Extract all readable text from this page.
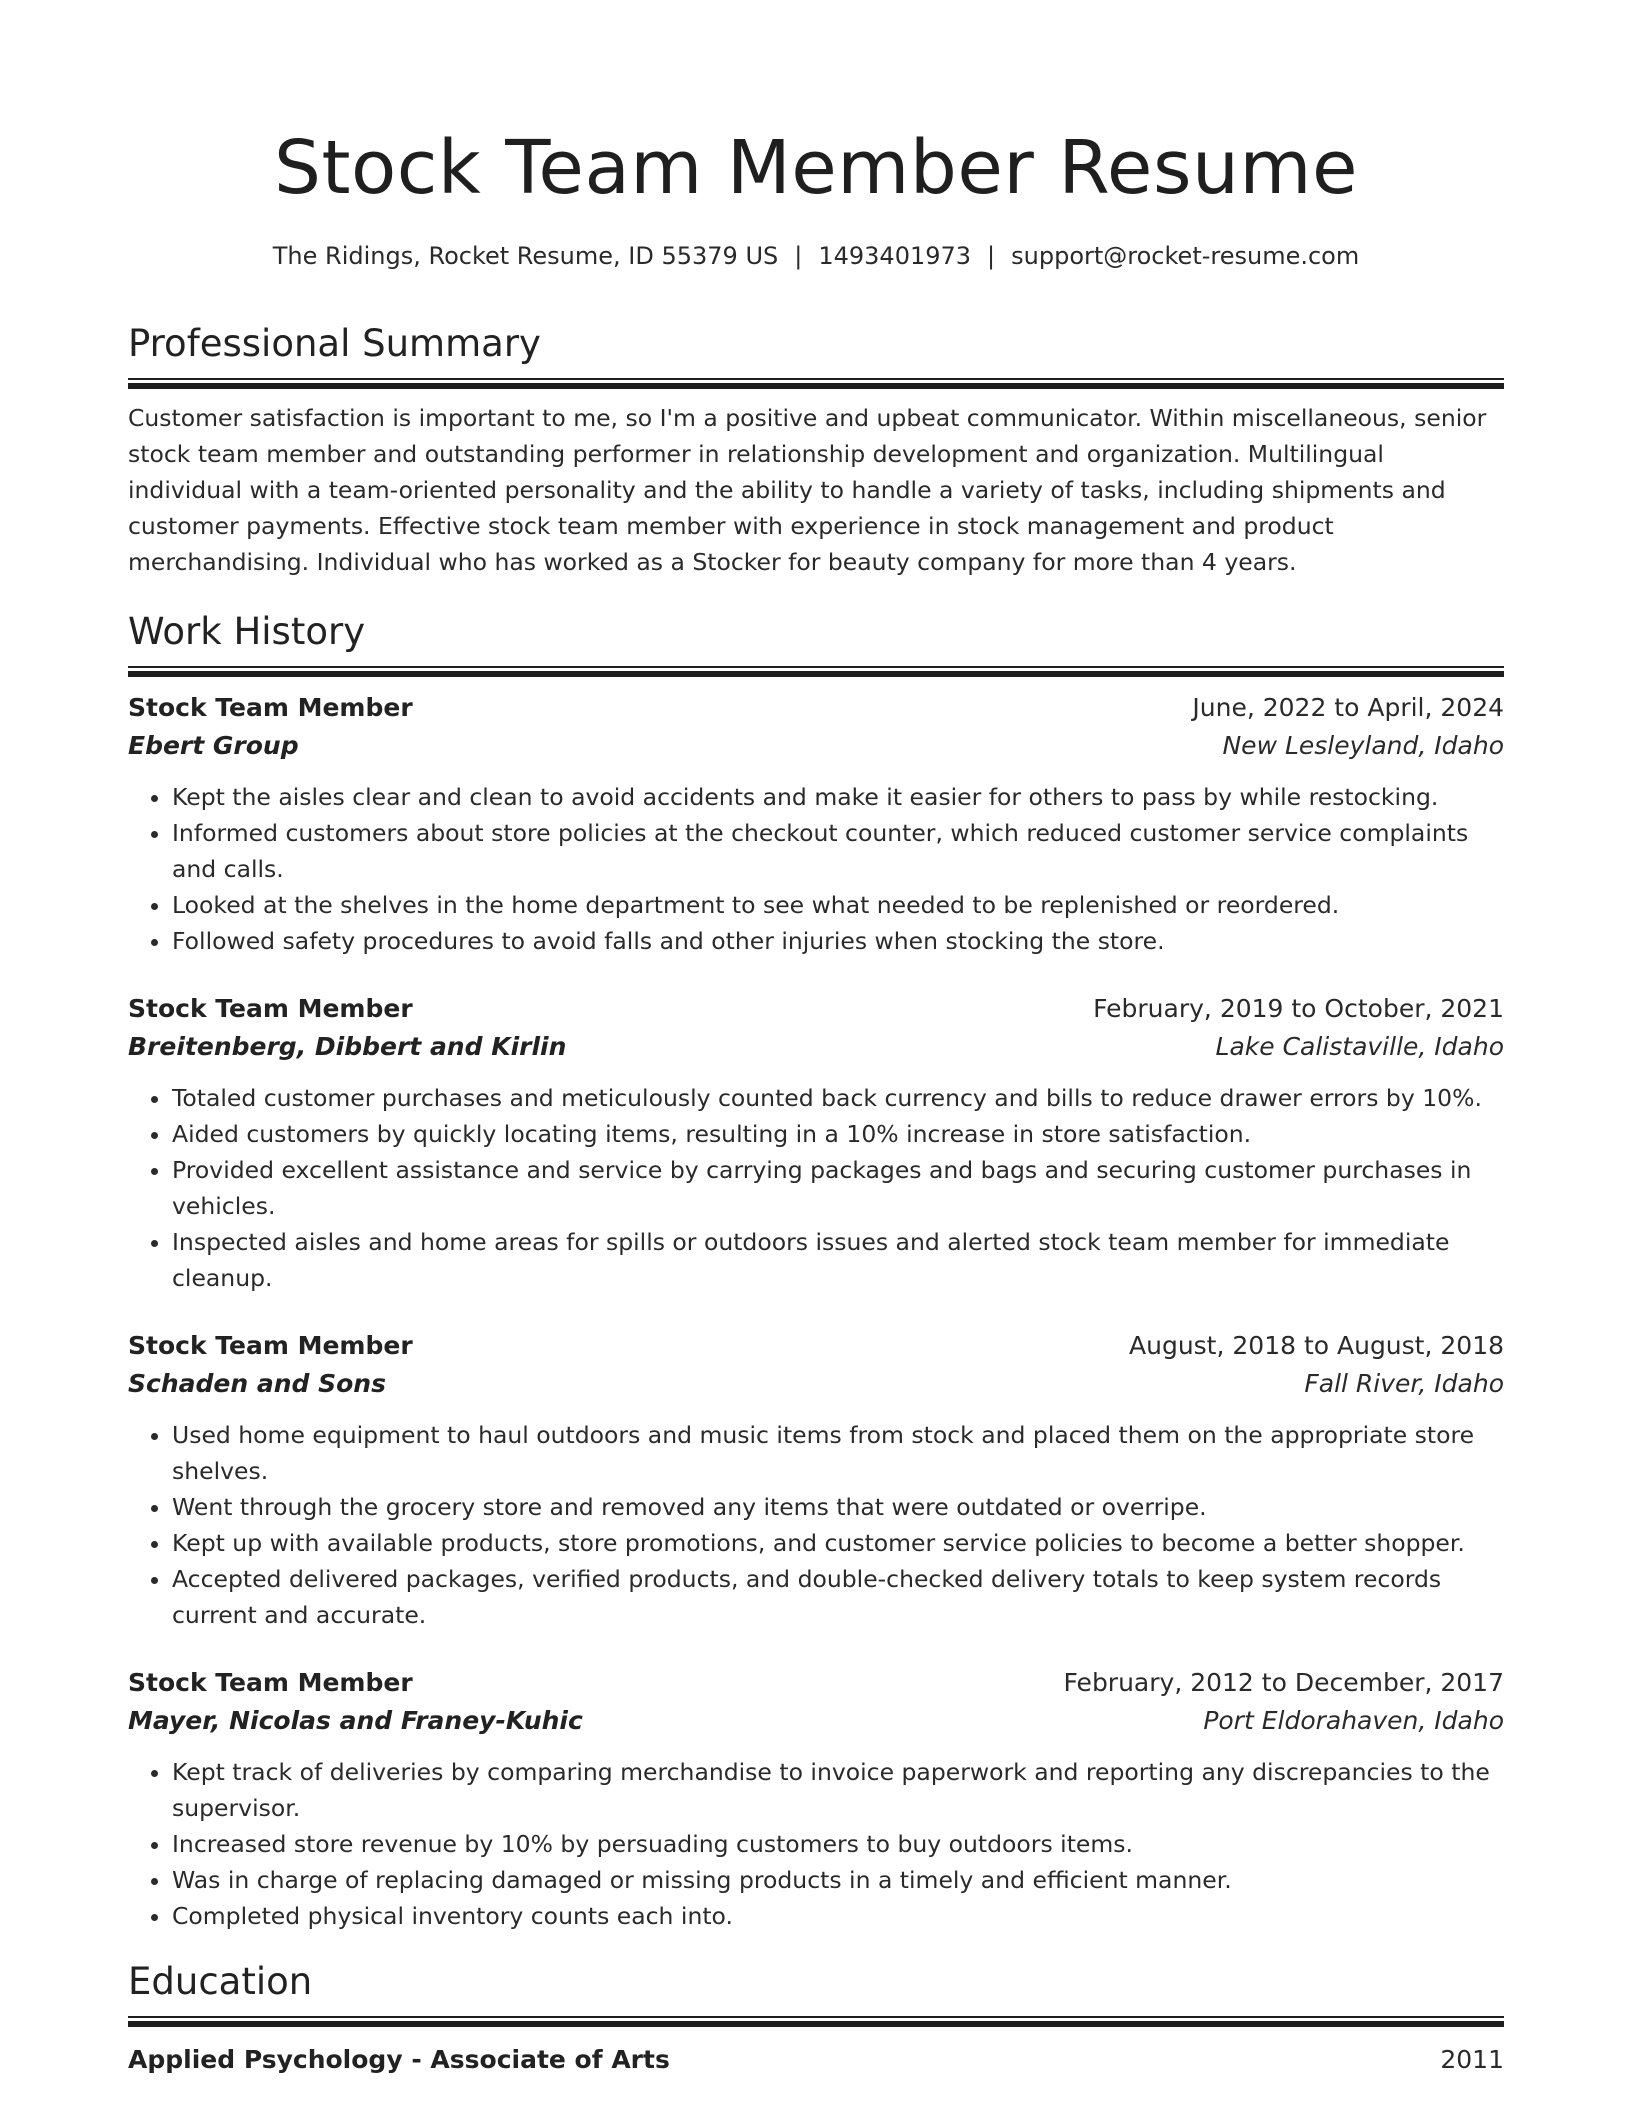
Stock Team Member Resume
The Ridings, Rocket Resume, ID 55379 US | 1493401973 | support@rocket-resume.com
Professional Summary

Customer satisfaction is important to me, so I'm a positive and upbeat communicator. Within miscellaneous, senior stock team member and outstanding performer in relationship development and organization. Multilingual individual with a team-oriented personality and the ability to handle a variety of tasks, including shipments and customer payments. Effective stock team member with experience in stock management and product merchandising. Individual who has worked as a Stocker for beauty company for more than 4 years.

Work History
Stock Team Member	June, 2022 to April, 2024
Ebert Group	New Lesleyland, Idaho
• Kept the aisles clear and clean to avoid accidents and make it easier for others to pass by while restocking.
• Informed customers about store policies at the checkout counter, which reduced customer service complaints and calls.
• Looked at the shelves in the home department to see what needed to be replenished or reordered.
• Followed safety procedures to avoid falls and other injuries when stocking the store.
Stock Team Member	February, 2019 to October, 2021
Breitenberg, Dibbert and Kirlin	Lake Calistaville, Idaho
• Totaled customer purchases and meticulously counted back currency and bills to reduce drawer errors by 10%.
• Aided customers by quickly locating items, resulting in a 10% increase in store satisfaction.
• Provided excellent assistance and service by carrying packages and bags and securing customer purchases in vehicles.
• Inspected aisles and home areas for spills or outdoors issues and alerted stock team member for immediate cleanup.
Stock Team Member	August, 2018 to August, 2018
Schaden and Sons	Fall River, Idaho
• Used home equipment to haul outdoors and music items from stock and placed them on the appropriate store shelves.
• Went through the grocery store and removed any items that were outdated or overripe.
• Kept up with available products, store promotions, and customer service policies to become a better shopper.
• Accepted delivered packages, verified products, and double-checked delivery totals to keep system records current and accurate.
Stock Team Member	February, 2012 to December, 2017
Mayer, Nicolas and Franey-Kuhic	Port Eldorahaven, Idaho
• Kept track of deliveries by comparing merchandise to invoice paperwork and reporting any discrepancies to the supervisor.
• Increased store revenue by 10% by persuading customers to buy outdoors items.
• Was in charge of replacing damaged or missing products in a timely and efficient manner.
• Completed physical inventory counts each into.
Education
Applied Psychology - Associate of Arts	2011
